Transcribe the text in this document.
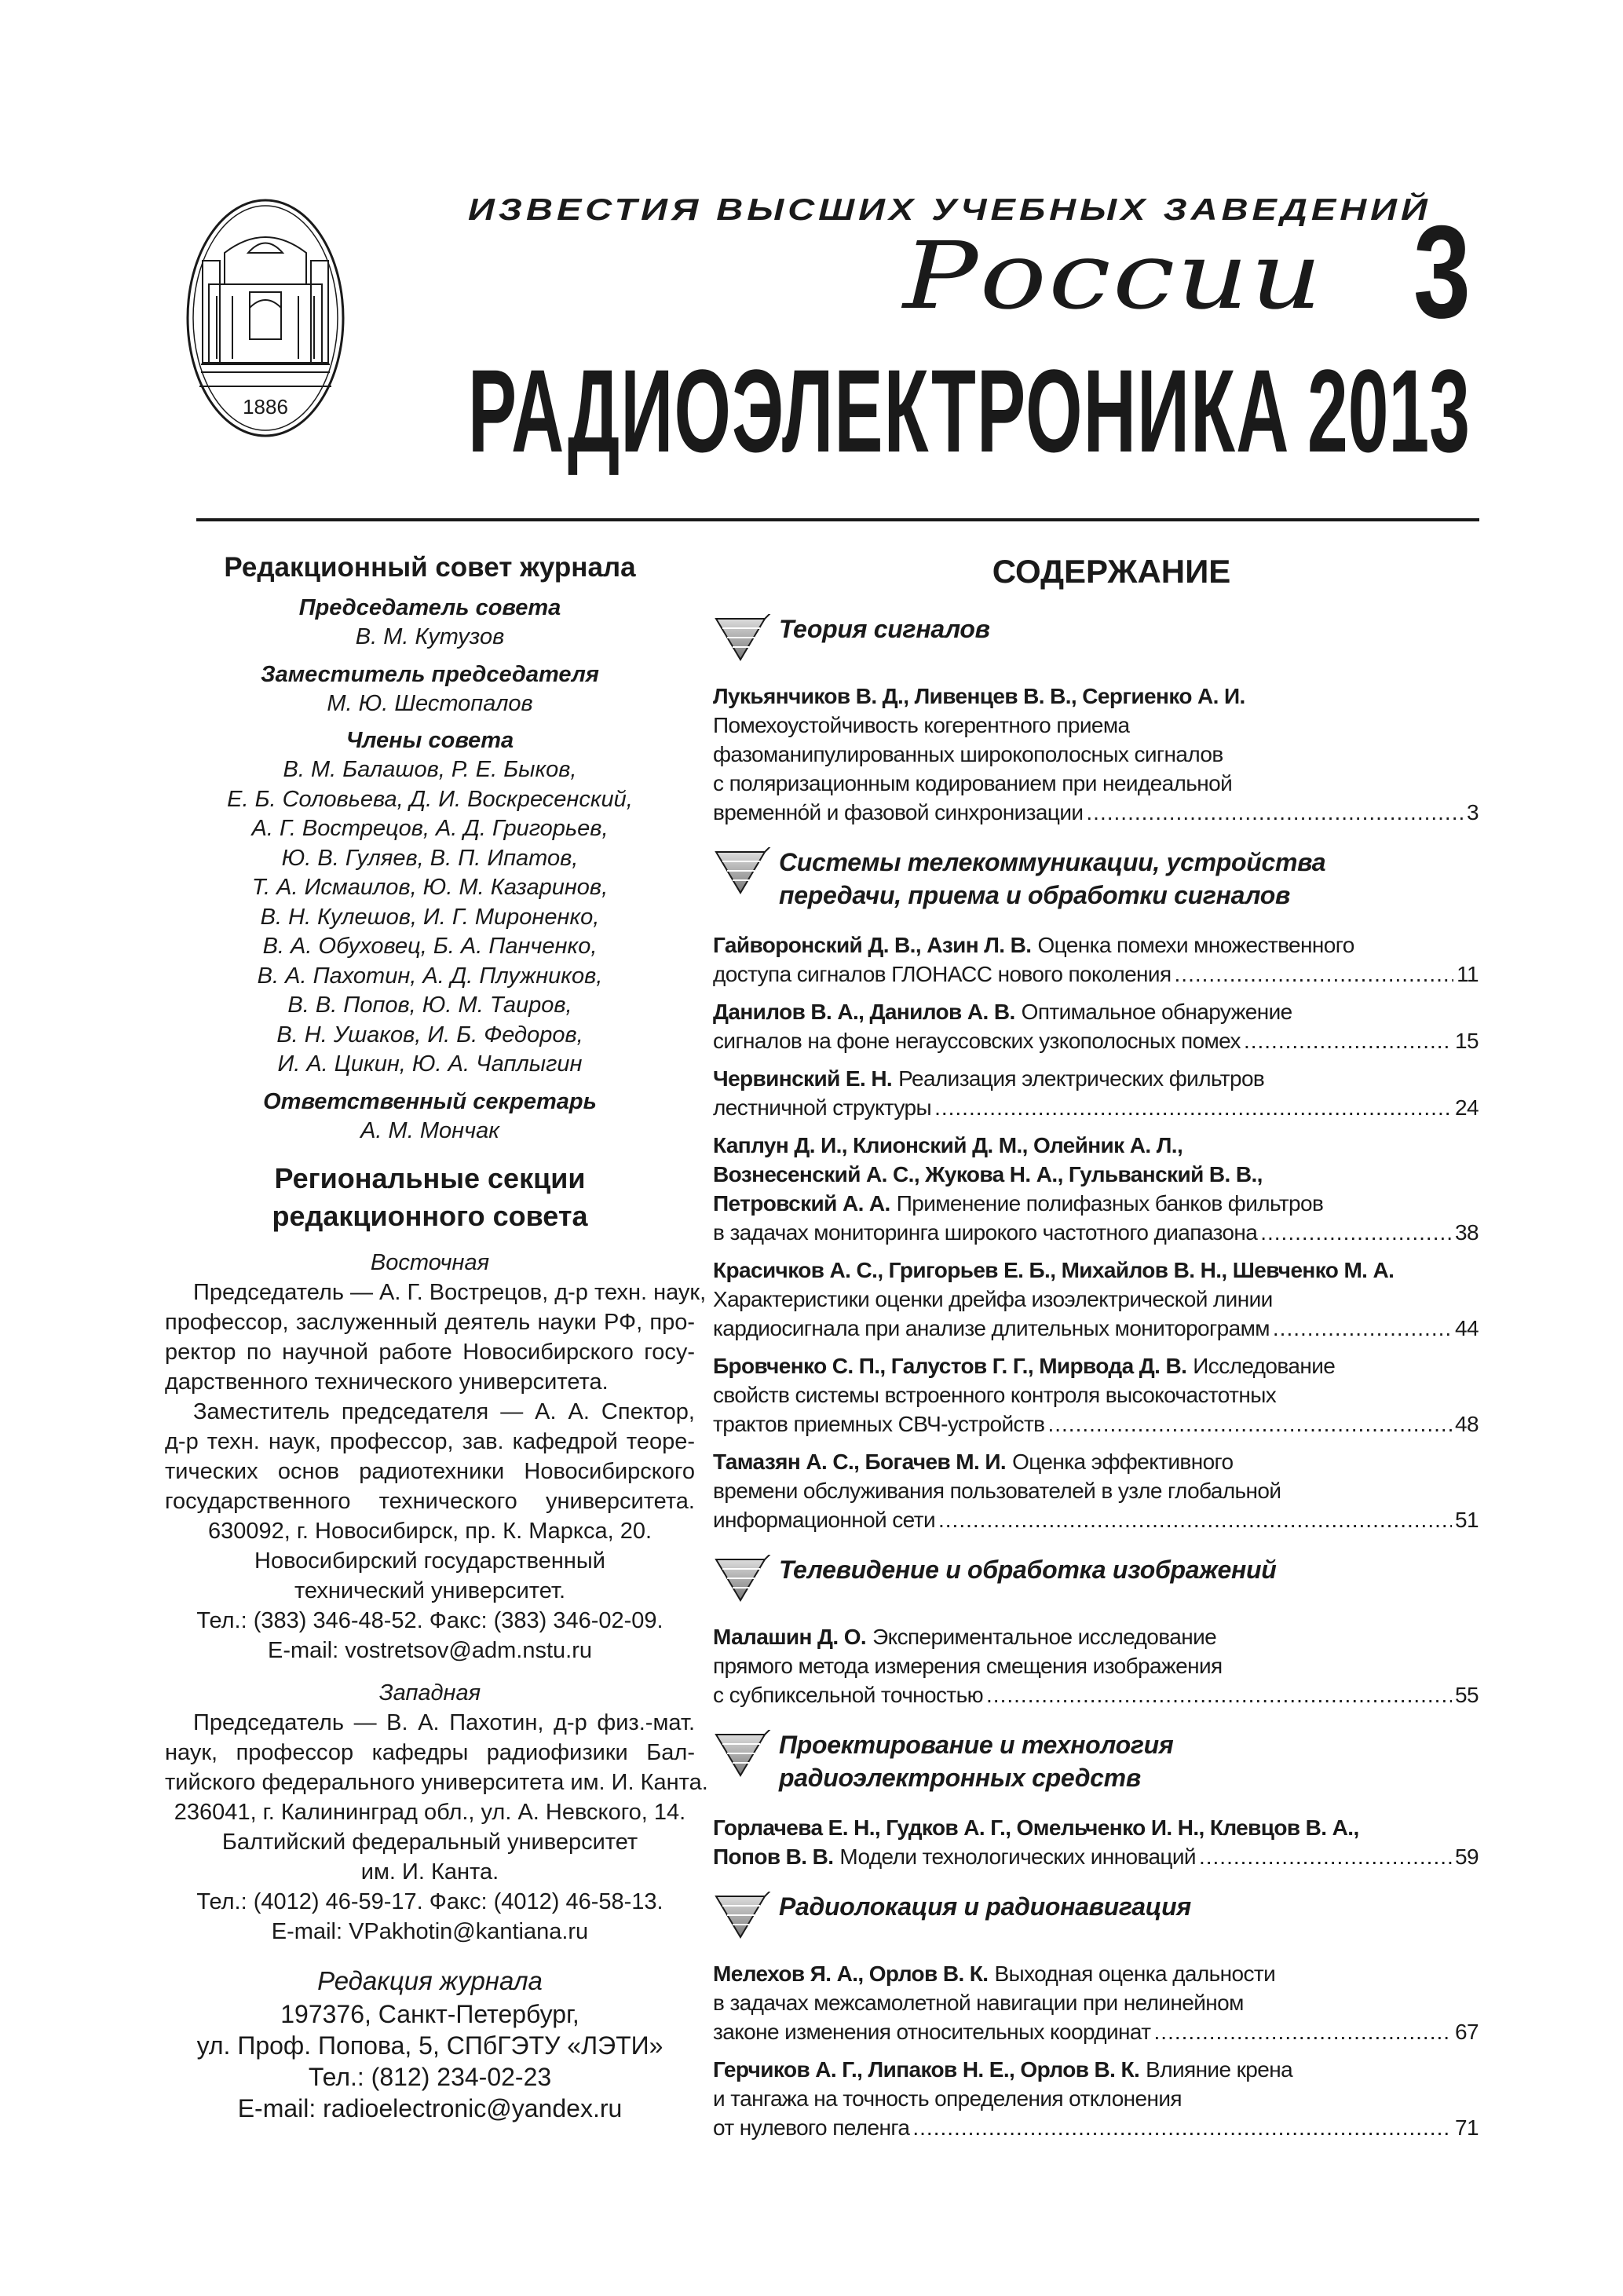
1886
ИЗВЕСТИЯ ВЫСШИХ УЧЕБНЫХ ЗАВЕДЕНИЙ
России 3
РАДИОЭЛЕКТРОНИКА 2013
Редакционный совет журнала
Председатель совета
В. М. Кутузов
Заместитель председателя
М. Ю. Шестопалов
Члены совета
В. М. Балашов, Р. Е. Быков,
Е. Б. Соловьева, Д. И. Воскресенский,
А. Г. Вострецов, А. Д. Григорьев,
Ю. В. Гуляев, В. П. Ипатов,
Т. А. Исмаилов, Ю. М. Казаринов,
В. Н. Кулешов, И. Г. Мироненко,
В. А. Обуховец, Б. А. Панченко,
В. А. Пахотин, А. Д. Плужников,
В. В. Попов, Ю. М. Таиров,
В. Н. Ушаков, И. Б. Федоров,
И. А. Цикин, Ю. А. Чаплыгин
Ответственный секретарь
А. М. Мончак
Региональные секции
редакционного совета
Восточная
Председатель — А. Г. Вострецов, д-р техн. наук,
профессор, заслуженный деятель науки РФ, про-
ректор по научной работе Новосибирского госу-
дарственного технического университета.
Заместитель председателя — А. А. Спектор,
д-р техн. наук, профессор, зав. кафедрой теоре-
тических основ радиотехники Новосибирского
государственного технического университета.
630092, г. Новосибирск, пр. К. Маркса, 20.
Новосибирский государственный
технический университет.
Тел.: (383) 346-48-52. Факс: (383) 346-02-09.
E-mail: vostretsov@adm.nstu.ru
Западная
Председатель — В. А. Пахотин, д-р физ.-мат.
наук, профессор кафедры радиофизики Бал-
тийского федерального университета им. И. Канта.
236041, г. Калининград обл., ул. А. Невского, 14.
Балтийский федеральный университет
им. И. Канта.
Тел.: (4012) 46-59-17. Факс: (4012) 46-58-13.
E-mail: VPakhotin@kantiana.ru
Редакция журнала
197376, Санкт-Петербург,
ул. Проф. Попова, 5, СПбГЭТУ «ЛЭТИ»
Тел.: (812) 234-02-23
E-mail: radioelectronic@yandex.ru
СОДЕРЖАНИЕ
Теория сигналов
Лукьянчиков В. Д., Ливенцев В. В., Сергиенко А. И.
Помехоустойчивость когерентного приема
фазоманипулированных широкополосных сигналов
с поляризационным кодированием при неидеальной
временно́й и фазовой синхронизации .....	3
Системы телекоммуникации, устройства
передачи, приема и обработки сигналов
Гайворонский Д. В., Азин Л. В. Оценка помехи множественного
доступа сигналов ГЛОНАСС нового поколения .....	11
Данилов В. А., Данилов А. В. Оптимальное обнаружение
сигналов на фоне негауссовских узкополосных помех .....	15
Червинский Е. Н. Реализация электрических фильтров
лестничной структуры .....	24
Каплун Д. И., Клионский Д. М., Олейник А. Л.,
Вознесенский А. С., Жукова Н. А., Гульванский В. В.,
Петровский А. А. Применение полифазных банков фильтров
в задачах мониторинга широкого частотного диапазона .....	38
Красичков А. С., Григорьев Е. Б., Михайлов В. Н., Шевченко М. А.
Характеристики оценки дрейфа изоэлектрической линии
кардиосигнала при анализе длительных мониторограмм .....	44
Бровченко С. П., Галустов Г. Г., Мирвода Д. В. Исследование
свойств системы встроенного контроля высокочастотных
трактов приемных СВЧ-устройств .....	48
Тамазян А. С., Богачев М. И. Оценка эффективного
времени обслуживания пользователей в узле глобальной
информационной сети .....	51
Телевидение и обработка изображений
Малашин Д. О. Экспериментальное исследование
прямого метода измерения смещения изображения
с субпиксельной точностью .....	55
Проектирование и технология
радиоэлектронных средств
Горлачева Е. Н., Гудков А. Г., Омельченко И. Н., Клевцов В. А.,
Попов В. В. Модели технологических инноваций .....	59
Радиолокация и радионавигация
Мелехов Я. А., Орлов В. К. Выходная оценка дальности
в задачах межсамолетной навигации при нелинейном
законе изменения относительных координат .....	67
Герчиков А. Г., Липаков Н. Е., Орлов В. К. Влияние крена
и тангажа на точность определения отклонения
от нулевого пеленга .....	71
